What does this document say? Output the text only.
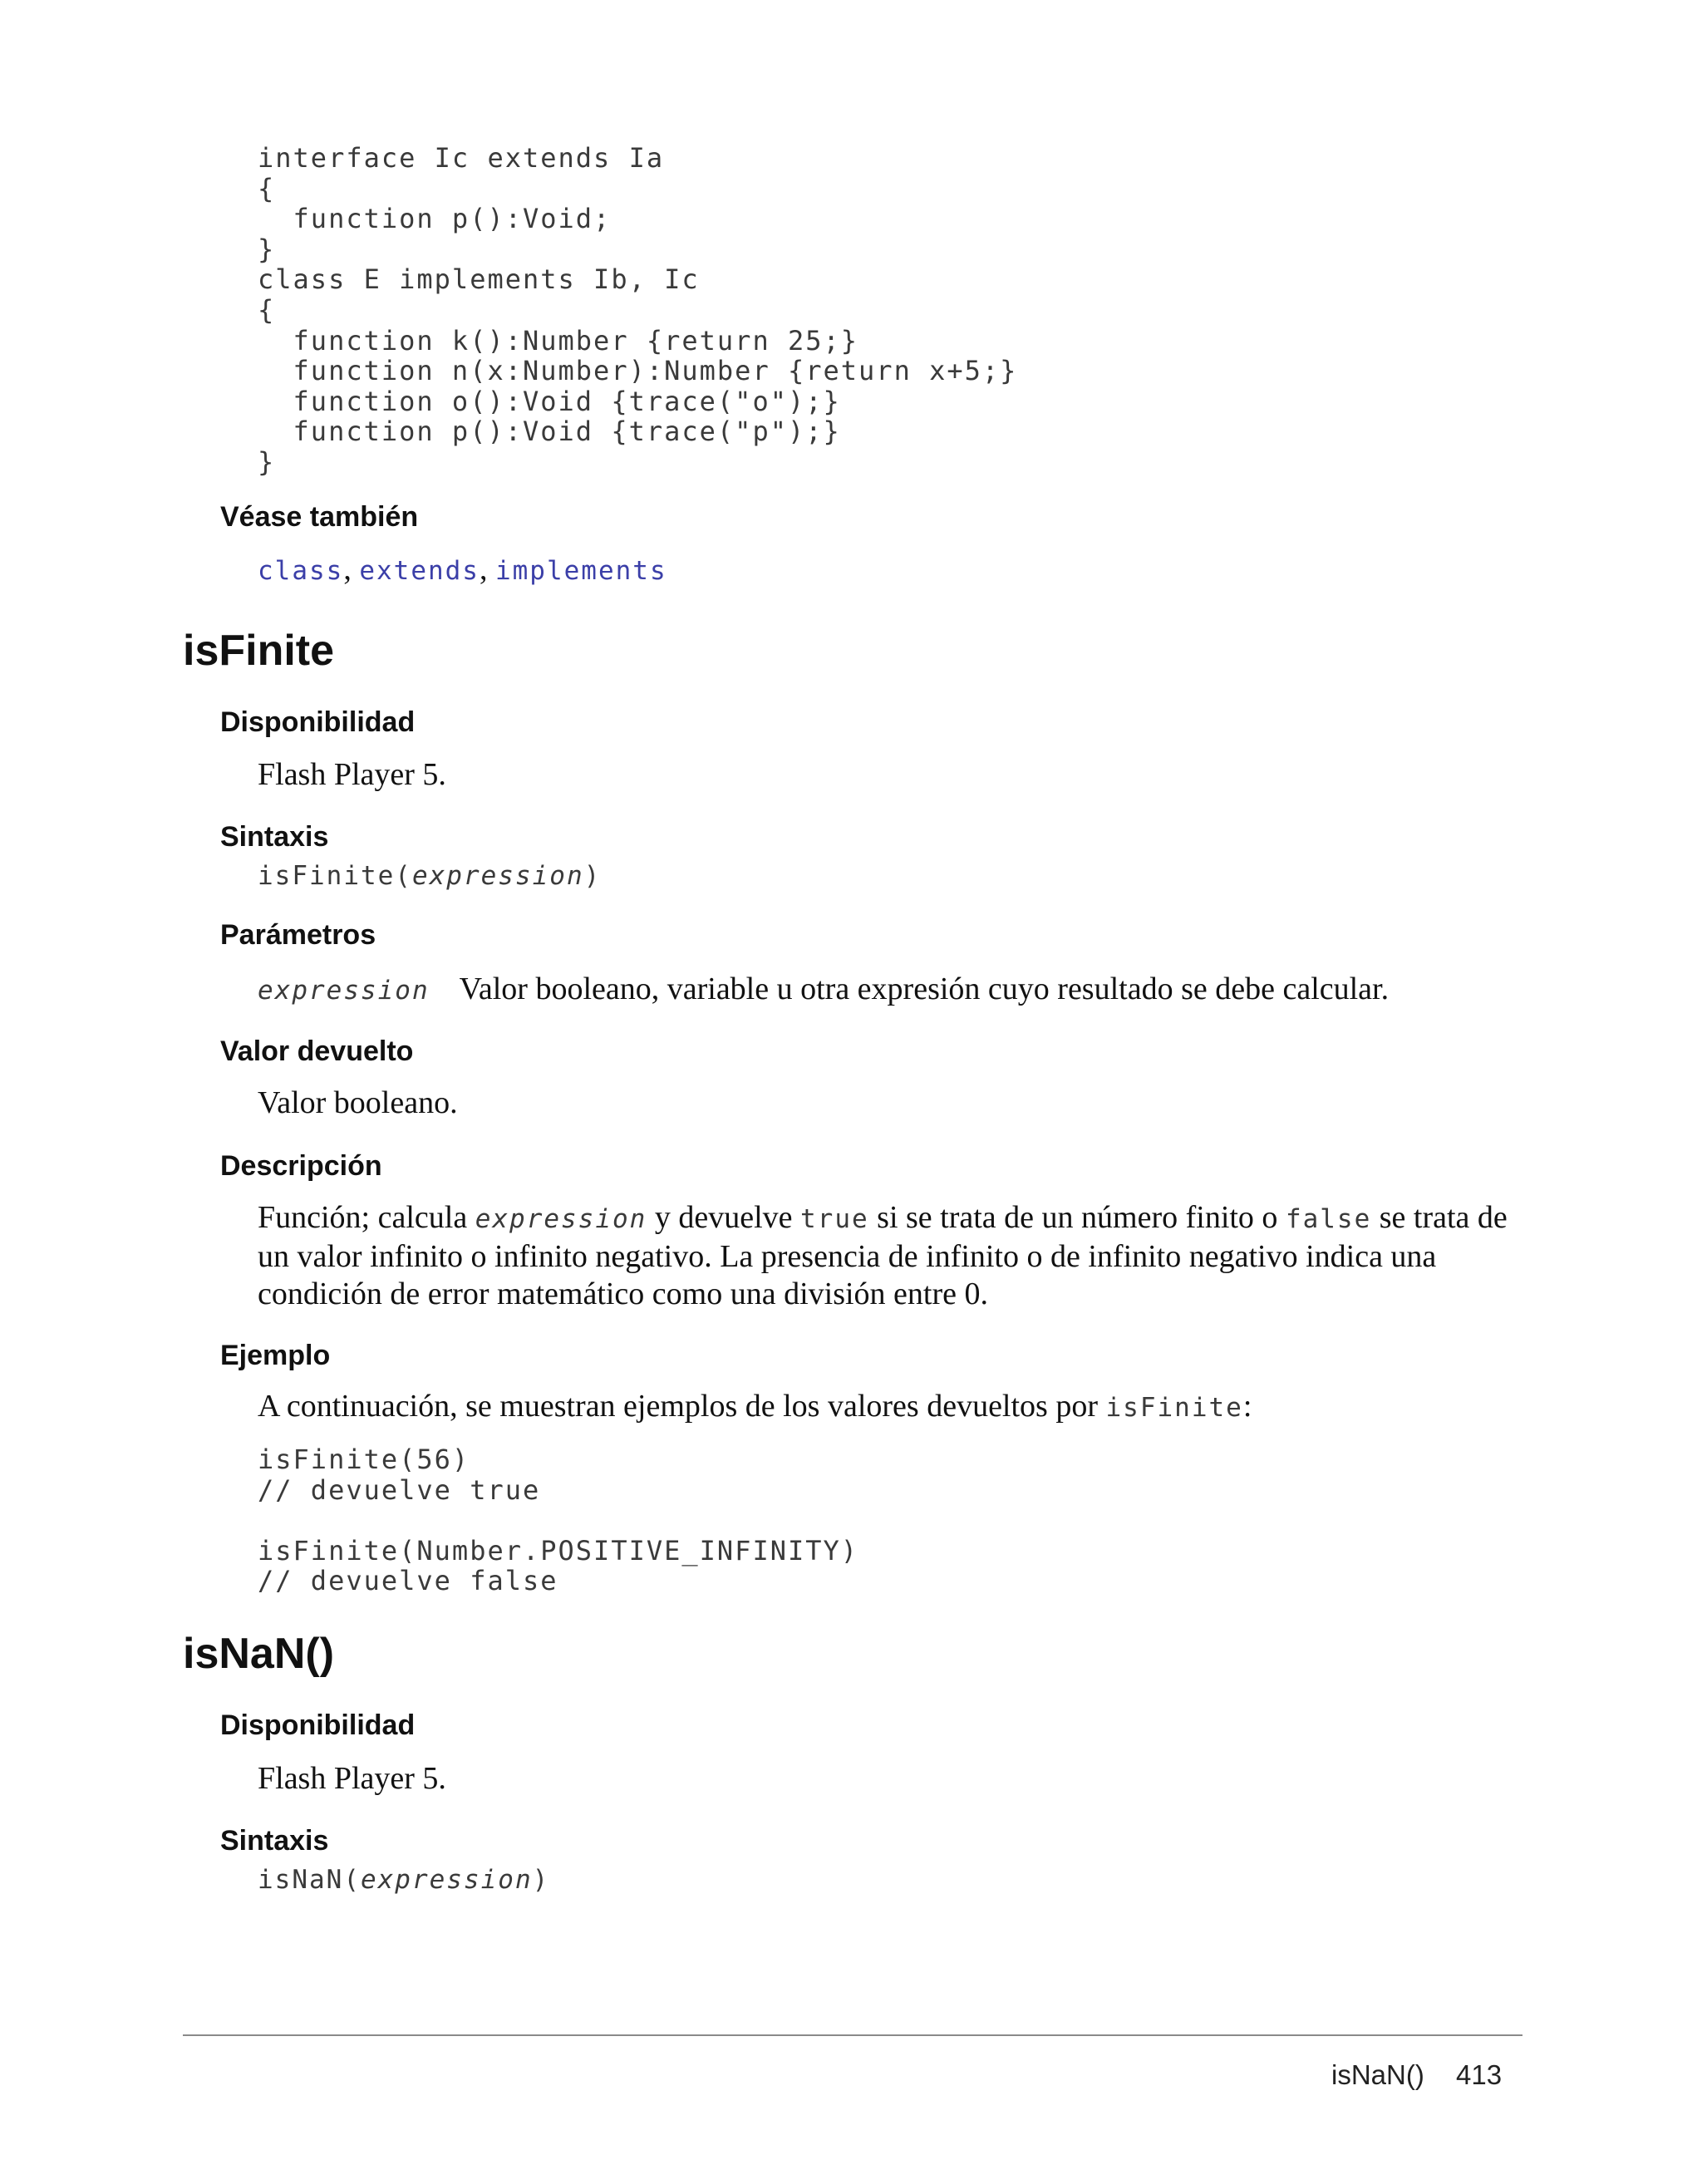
interface Ic extends Ia
{
function p():Void;
}
class E implements Ib, Ic
{
function k():Number {return 25;}
function n(x:Number):Number {return x+5;}
function o():Void {trace("o");}
function p():Void {trace("p");}
}
Véase también

class, extends, implements

isFinite
Disponibilidad

Flash Player 5.

Sintaxis

isFinite(expression)

Parámetros

expression Valor booleano, variable u otra expresión cuyo resultado se debe calcular.

Valor devuelto

Valor booleano.

Descripción

Función; calcula expression y devuelve true si se trata de un número finito o false se trata de un valor infinito o infinito negativo. La presencia de infinito o de infinito negativo indica una condición de error matemático como una división entre 0.

Ejemplo

A continuación, se muestran ejemplos de los valores devueltos por isFinite:

isFinite(56)
// devuelve true

isFinite(Number.POSITIVE_INFINITY)
// devuelve false
isNaN()
Disponibilidad

Flash Player 5.

Sintaxis

isNaN(expression)

isNaN() 413
